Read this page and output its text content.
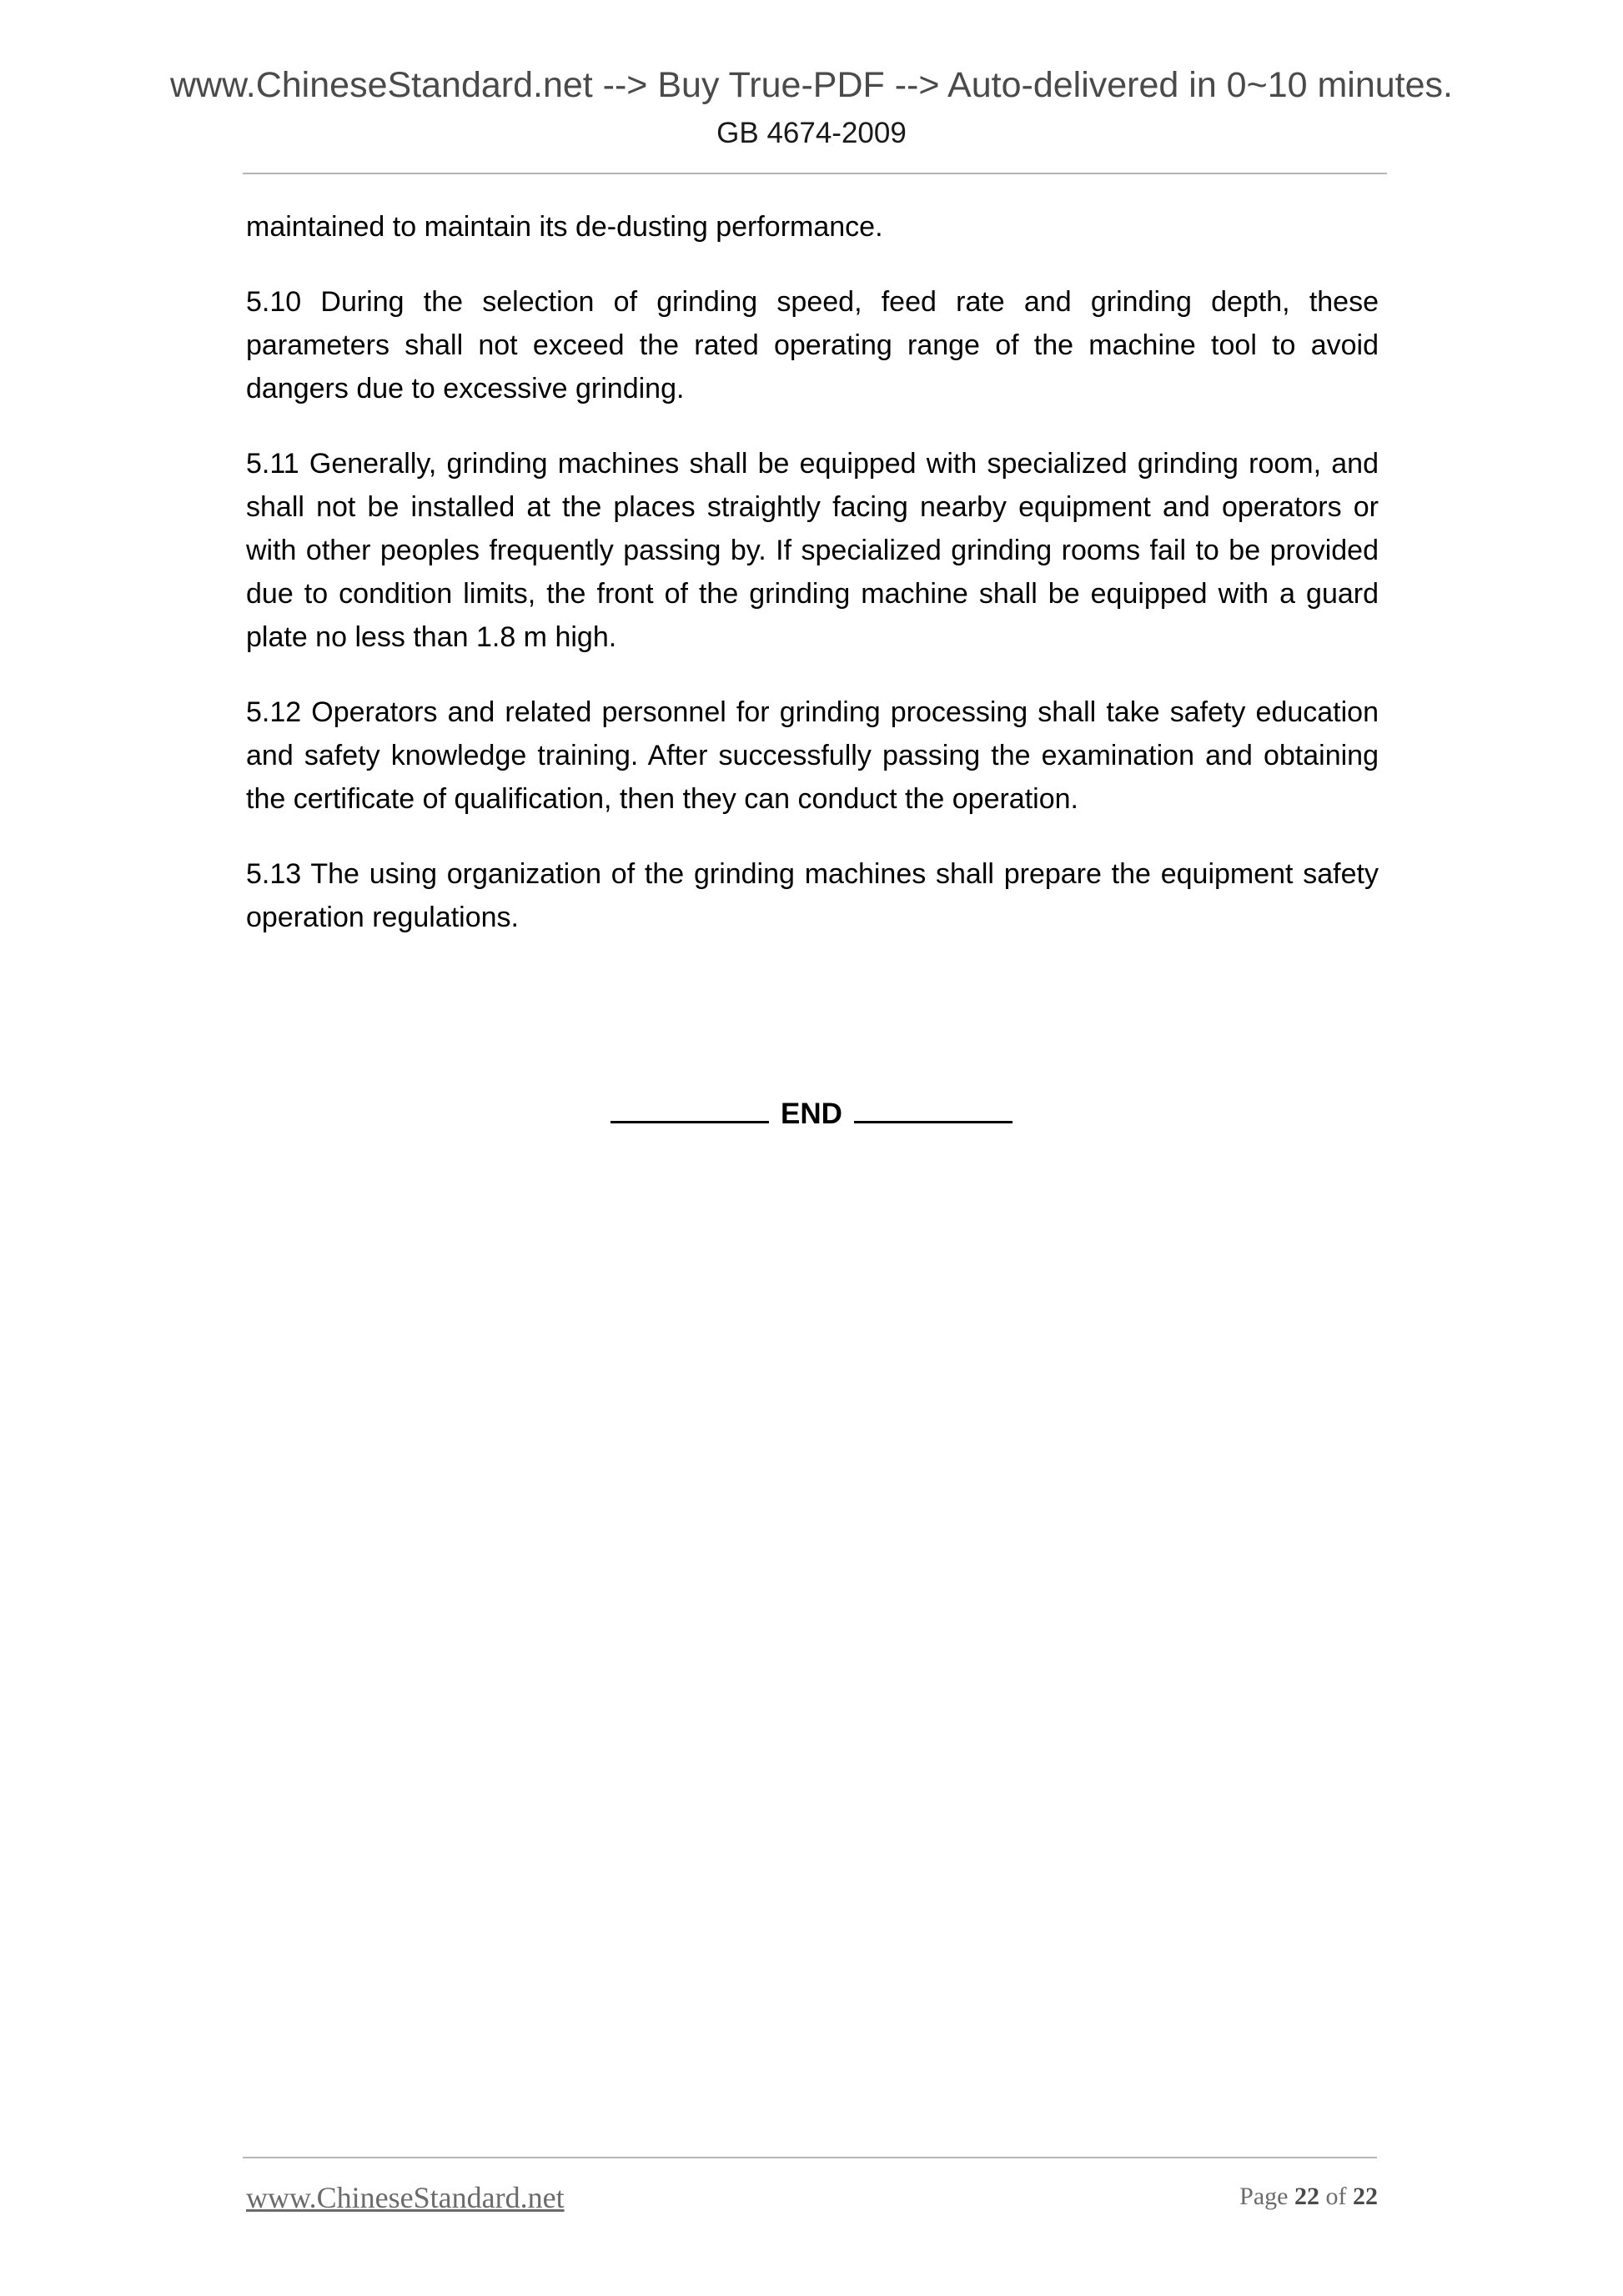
www.ChineseStandard.net --> Buy True-PDF --> Auto-delivered in 0~10 minutes.
GB 4674-2009

maintained to maintain its de-dusting performance.

5.10 During the selection of grinding speed, feed rate and grinding depth, these parameters shall not exceed the rated operating range of the machine tool to avoid dangers due to excessive grinding.

5.11 Generally, grinding machines shall be equipped with specialized grinding room, and shall not be installed at the places straightly facing nearby equipment and operators or with other peoples frequently passing by. If specialized grinding rooms fail to be provided due to condition limits, the front of the grinding machine shall be equipped with a guard plate no less than 1.8 m high.

5.12 Operators and related personnel for grinding processing shall take safety education and safety knowledge training. After successfully passing the examination and obtaining the certificate of qualification, then they can conduct the operation.

5.13 The using organization of the grinding machines shall prepare the equipment safety operation regulations.

END
www.ChineseStandard.net	Page 22 of 22
